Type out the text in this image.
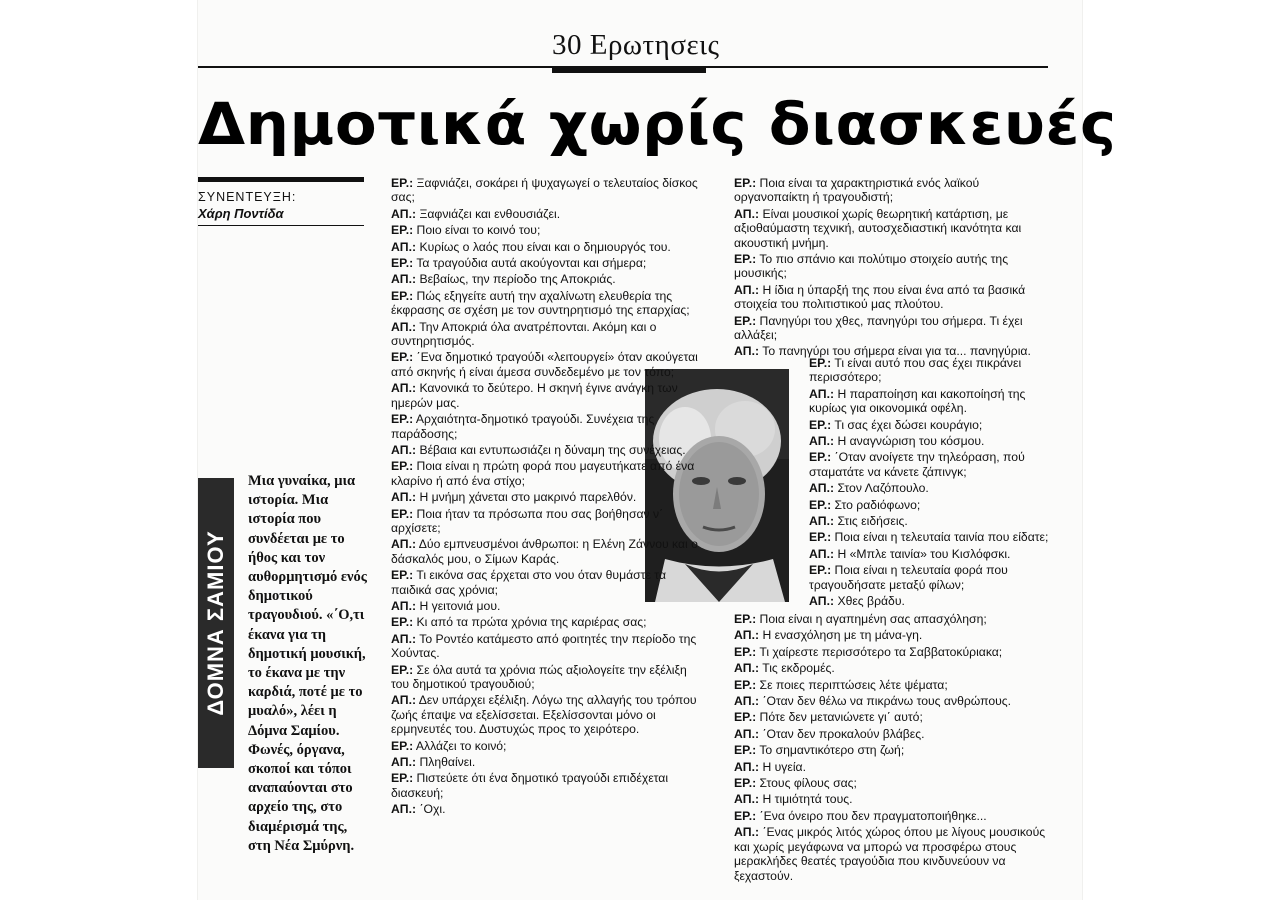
30 Ερωτησεις
Δημοτικά χωρίς διασκευές
ΣΥΝΕΝΤΕΥΞΗ:
Χάρη Ποντίδα
ΔΟΜΝΑ ΣΑΜΙΟΥ
Μια γυναίκα, μια ιστορία. Μια ιστορία που συνδέεται με το ήθος και τον αυθορμητισμό ενός δημοτικού τραγουδιού. «΄Ο,τι έκανα για τη δημοτική μουσική, το έκανα με την καρδιά, ποτέ με το μυαλό», λέει η Δόμνα Σαμίου. Φωνές, όργανα, σκοποί και τόποι αναπαύονται στο αρχείο της, στο διαμέρισμά της, στη Νέα Σμύρνη.
ΕΡ.: Ξαφνιάζει, σοκάρει ή ψυχαγωγεί ο τελευταίος δίσκος σας;
ΑΠ.: Ξαφνιάζει και ενθουσιάζει.
ΕΡ.: Ποιο είναι το κοινό του;
ΑΠ.: Κυρίως ο λαός που είναι και ο δημιουργός του.
ΕΡ.: Τα τραγούδια αυτά ακούγονται και σήμερα;
ΑΠ.: Βεβαίως, την περίοδο της Αποκριάς.
ΕΡ.: Πώς εξηγείτε αυτή την αχαλίνωτη ελευθερία της έκφρασης σε σχέση με τον συντηρητισμό της επαρχίας;
ΑΠ.: Την Αποκριά όλα ανατρέπονται. Ακόμη και ο συντηρητισμός.
ΕΡ.: ΄Ενα δημοτικό τραγούδι «λειτουργεί» όταν ακούγεται από σκηνής ή είναι άμεσα συνδεδεμένο με τον τόπο;
ΑΠ.: Κανονικά το δεύτερο. Η σκηνή έγινε ανάγκη των ημερών μας.
ΕΡ.: Αρχαιότητα-δημοτικό τραγούδι. Συνέχεια της παράδοσης;
ΑΠ.: Βέβαια και εντυπωσιάζει η δύναμη της συνέχειας.
ΕΡ.: Ποια είναι η πρώτη φορά που μαγευτήκατε από ένα κλαρίνο ή από ένα στίχο;
ΑΠ.: Η μνήμη χάνεται στο μακρινό παρελθόν.
ΕΡ.: Ποια ήταν τα πρόσωπα που σας βοήθησαν ν΄ αρχίσετε;
ΑΠ.: Δύο εμπνευσμένοι άνθρωποι: η Ελένη Ζάννου και ο δάσκαλός μου, ο Σίμων Καράς.
ΕΡ.: Τι εικόνα σας έρχεται στο νου όταν θυμάστε τα παιδικά σας χρόνια;
ΑΠ.: Η γειτονιά μου.
ΕΡ.: Κι από τα πρώτα χρόνια της καριέρας σας;
ΑΠ.: Το Ροντέο κατάμεστο από φοιτητές την περίοδο της Χούντας.
ΕΡ.: Σε όλα αυτά τα χρόνια πώς αξιολογείτε την εξέλιξη του δημοτικού τραγουδιού;
ΑΠ.: Δεν υπάρχει εξέλιξη. Λόγω της αλλαγής του τρόπου ζωής έπαψε να εξελίσσεται. Εξελίσσονται μόνο οι ερμηνευτές του. Δυστυχώς προς το χειρότερο.
ΕΡ.: Αλλάζει το κοινό;
ΑΠ.: Πληθαίνει.
ΕΡ.: Πιστεύετε ότι ένα δημοτικό τραγούδι επιδέχεται διασκευή;
ΑΠ.: ΄Οχι.
ΕΡ.: Ποια είναι τα χαρακτηριστικά ενός λαϊκού οργανοπαίκτη ή τραγουδιστή;
ΑΠ.: Είναι μουσικοί χωρίς θεωρητική κατάρτιση, με αξιοθαύμαστη τεχνική, αυτοσχεδιαστική ικανότητα και ακουστική μνήμη.
ΕΡ.: Το πιο σπάνιο και πολύτιμο στοιχείο αυτής της μουσικής;
ΑΠ.: Η ίδια η ύπαρξή της που είναι ένα από τα βασικά στοιχεία του πολιτιστικού μας πλούτου.
ΕΡ.: Πανηγύρι του χθες, πανηγύρι του σήμερα. Τι έχει αλλάξει;
ΑΠ.: Το πανηγύρι του σήμερα είναι για τα... πανηγύρια.
ΕΡ.: Τι είναι αυτό που σας έχει πικράνει περισσότερο;
ΑΠ.: Η παραποίηση και κακοποίησή της κυρίως για οικονομικά οφέλη.
ΕΡ.: Τι σας έχει δώσει κουράγιο;
ΑΠ.: Η αναγνώριση του κόσμου.
ΕΡ.: ΄Οταν ανοίγετε την τηλεόραση, πού σταματάτε να κάνετε ζάπινγκ;
ΑΠ.: Στον Λαζόπουλο.
ΕΡ.: Στο ραδιόφωνο;
ΑΠ.: Στις ειδήσεις.
ΕΡ.: Ποια είναι η τελευταία ταινία που είδατε;
ΑΠ.: Η «Μπλε ταινία» του Κισλόφσκι.
ΕΡ.: Ποια είναι η τελευταία φορά που τραγουδήσατε μεταξύ φίλων;
ΑΠ.: Χθες βράδυ.
ΕΡ.: Ποια είναι η αγαπημένη σας απασχόληση;
ΑΠ.: Η ενασχόληση με τη μάνα-γη.
ΕΡ.: Τι χαίρεστε περισσότερο τα Σαββατοκύριακα;
ΑΠ.: Τις εκδρομές.
ΕΡ.: Σε ποιες περιπτώσεις λέτε ψέματα;
ΑΠ.: ΄Οταν δεν θέλω να πικράνω τους ανθρώπους.
ΕΡ.: Πότε δεν μετανιώνετε γι΄ αυτό;
ΑΠ.: ΄Οταν δεν προκαλούν βλάβες.
ΕΡ.: Το σημαντικότερο στη ζωή;
ΑΠ.: Η υγεία.
ΕΡ.: Στους φίλους σας;
ΑΠ.: Η τιμιότητά τους.
ΕΡ.: ΄Ενα όνειρο που δεν πραγματοποιήθηκε...
ΑΠ.: ΄Ενας μικρός λιτός χώρος όπου με λίγους μουσικούς και χωρίς μεγάφωνα να μπορώ να προσφέρω στους μερακλήδες θεατές τραγούδια που κινδυνεύουν να ξεχαστούν.
